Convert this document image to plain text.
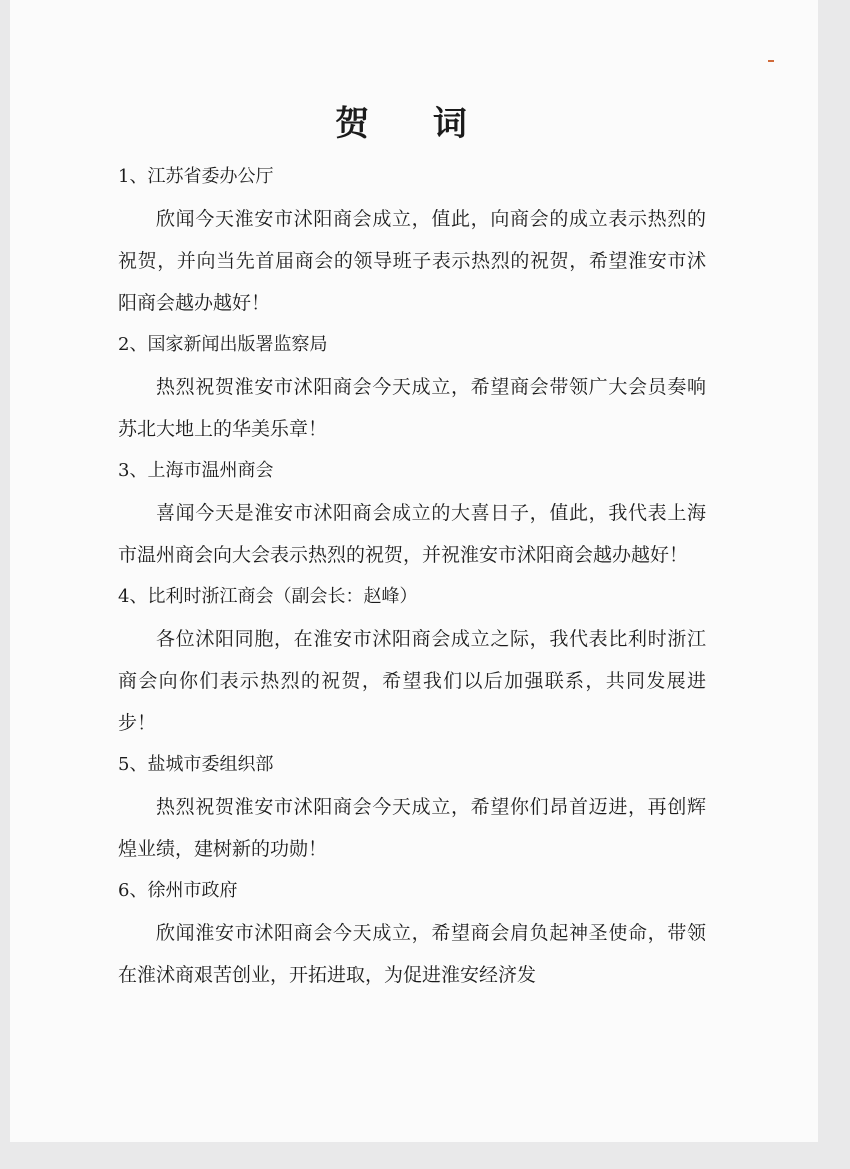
贺 词
1、江苏省委办公厅
欣闻今天淮安市沭阳商会成立，值此，向商会的成立表示热烈的祝贺，并向当先首届商会的领导班子表示热烈的祝贺，希望淮安市沭阳商会越办越好！
2、国家新闻出版署监察局
热烈祝贺淮安市沭阳商会今天成立，希望商会带领广大会员奏响苏北大地上的华美乐章！
3、上海市温州商会
喜闻今天是淮安市沭阳商会成立的大喜日子，值此，我代表上海市温州商会向大会表示热烈的祝贺，并祝淮安市沭阳商会越办越好！
4、比利时浙江商会（副会长：赵峰）
各位沭阳同胞，在淮安市沭阳商会成立之际，我代表比利时浙江商会向你们表示热烈的祝贺，希望我们以后加强联系，共同发展进步！
5、盐城市委组织部
热烈祝贺淮安市沭阳商会今天成立，希望你们昂首迈进，再创辉煌业绩，建树新的功勋！
6、徐州市政府
欣闻淮安市沭阳商会今天成立，希望商会肩负起神圣使命，带领在淮沭商艰苦创业，开拓进取，为促进淮安经济发
